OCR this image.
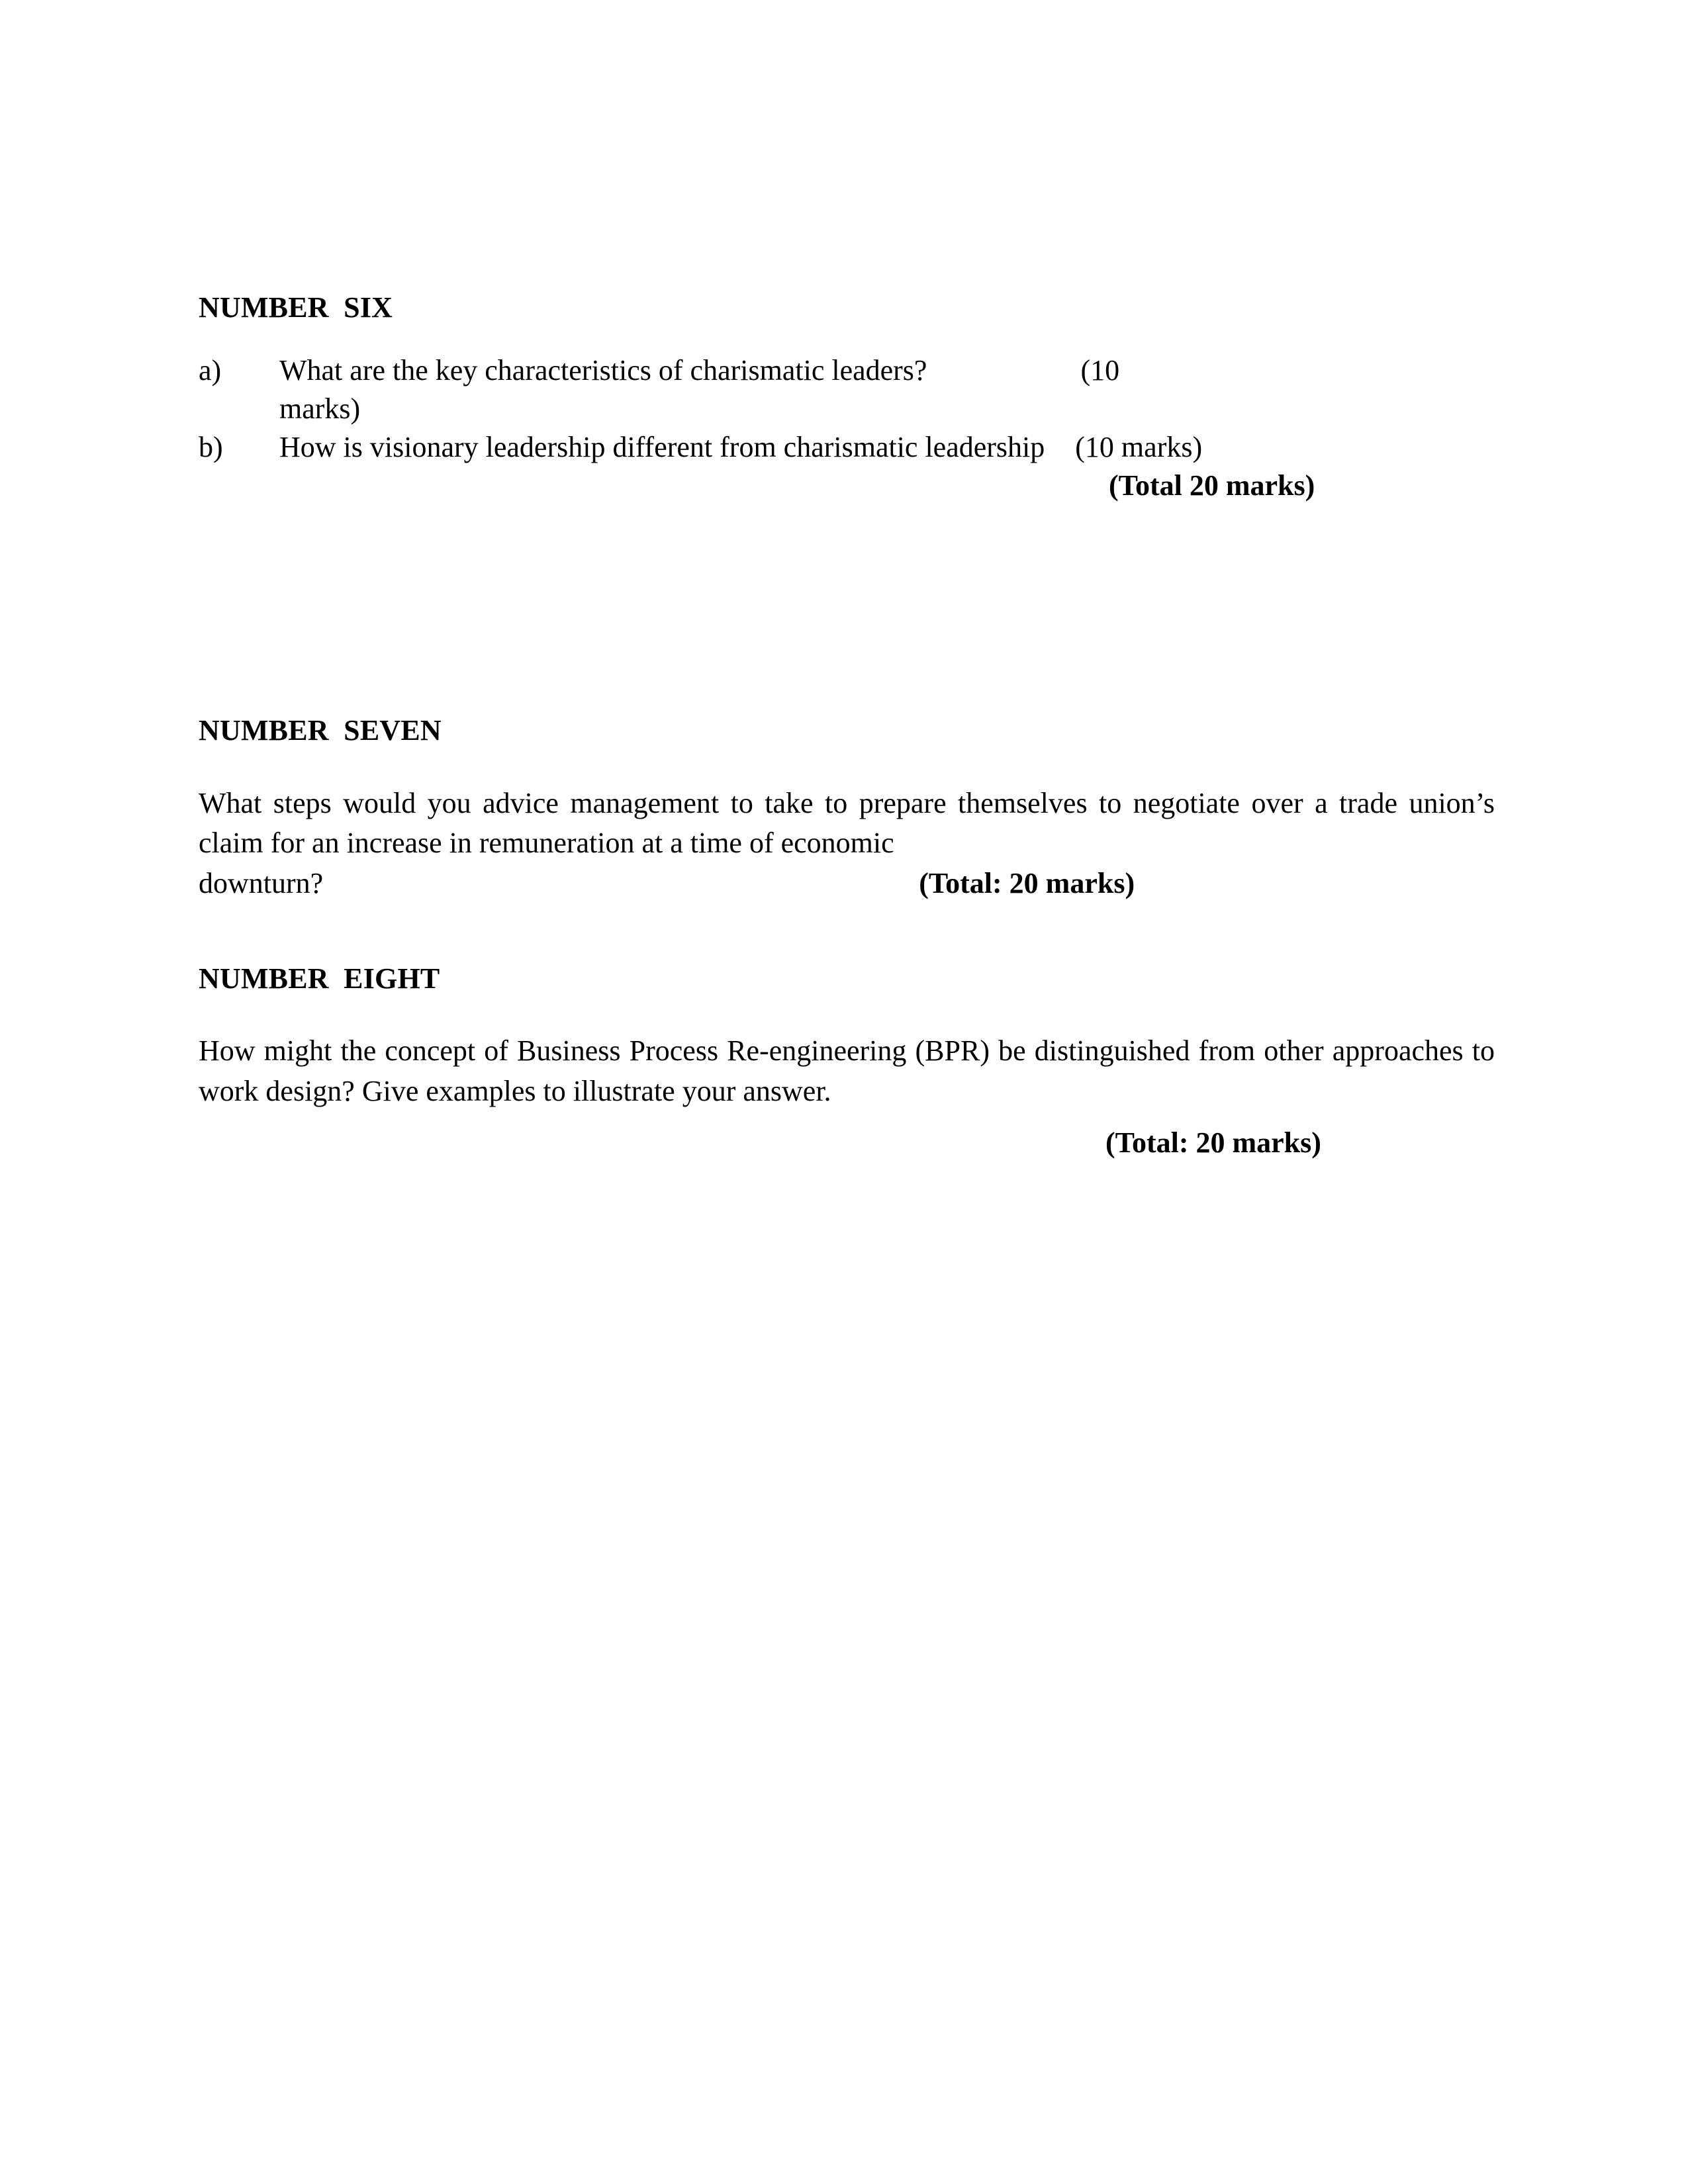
NUMBER  SIX
a) What are the key characteristics of charismatic leaders?	(10
marks)
b) How is visionary leadership different from charismatic leadership (10 marks)

(Total 20 marks)

NUMBER  SEVEN

What steps would you advice management to take to prepare themselves to negotiate over a trade union’s claim for an increase in remuneration at a time of economic

downturn?	(Total: 20 marks)

NUMBER  EIGHT

How might the concept of Business Process Re-engineering (BPR) be distinguished from other approaches to work design? Give examples to illustrate your answer.

(Total: 20 marks)
